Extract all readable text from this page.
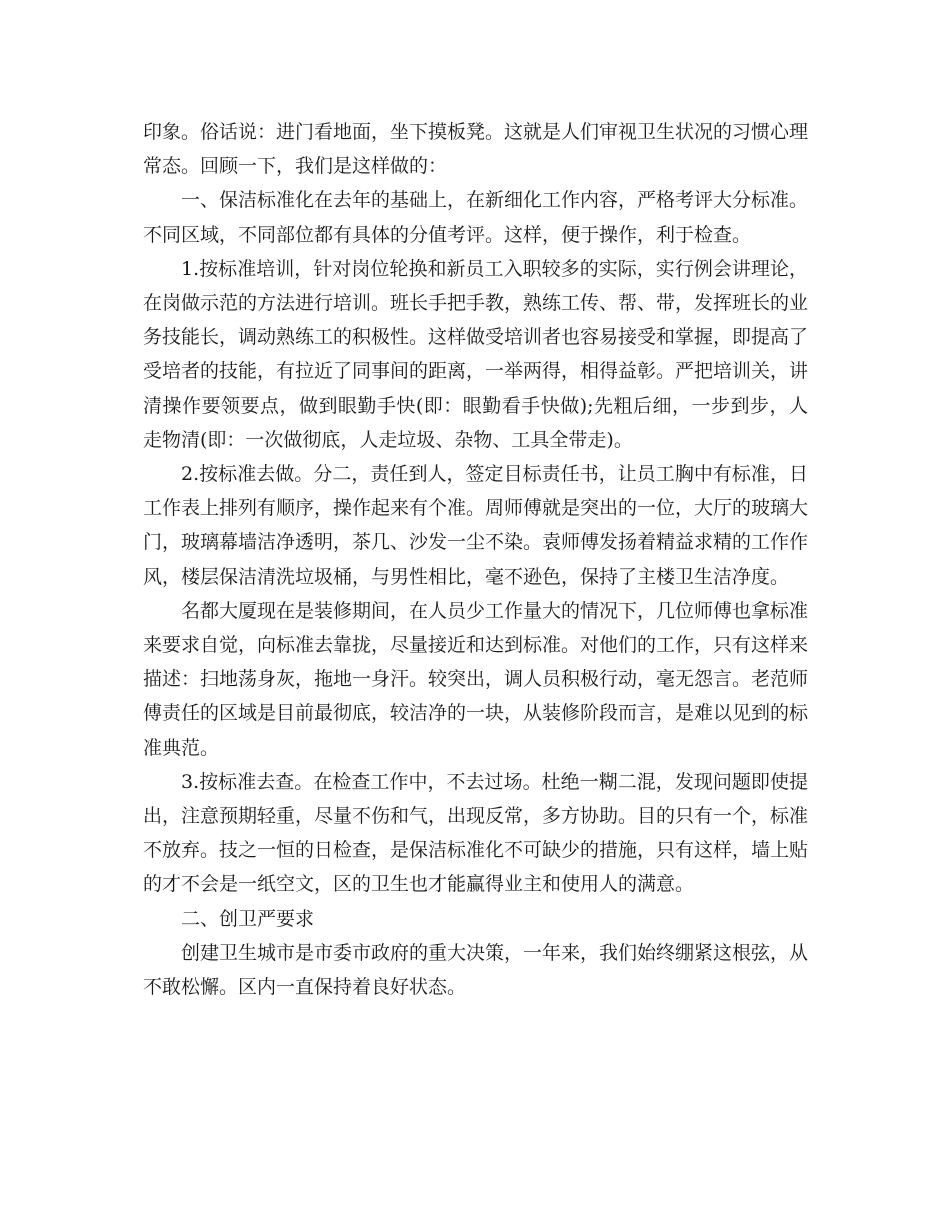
印象。俗话说：进门看地面，坐下摸板凳。这就是人们审视卫生状况的习惯心理常态。回顾一下，我们是这样做的：

一、保洁标准化在去年的基础上，在新细化工作内容，严格考评大分标准。不同区域，不同部位都有具体的分值考评。这样，便于操作，利于检查。

1.按标准培训，针对岗位轮换和新员工入职较多的实际，实行例会讲理论，在岗做示范的方法进行培训。班长手把手教，熟练工传、帮、带，发挥班长的业务技能长，调动熟练工的积极性。这样做受培训者也容易接受和掌握，即提高了受培者的技能，有拉近了同事间的距离，一举两得，相得益彰。严把培训关，讲清操作要领要点，做到眼勤手快(即：眼勤看手快做);先粗后细，一步到步，人走物清(即：一次做彻底，人走垃圾、杂物、工具全带走)。

2.按标准去做。分二，责任到人，签定目标责任书，让员工胸中有标准，日工作表上排列有顺序，操作起来有个准。周师傅就是突出的一位，大厅的玻璃大门，玻璃幕墙洁净透明，茶几、沙发一尘不染。袁师傅发扬着精益求精的工作作风，楼层保洁清洗垃圾桶，与男性相比，毫不逊色，保持了主楼卫生洁净度。

名都大厦现在是装修期间，在人员少工作量大的情况下，几位师傅也拿标准来要求自觉，向标准去靠拢，尽量接近和达到标准。对他们的工作，只有这样来描述：扫地荡身灰，拖地一身汗。较突出，调人员积极行动，毫无怨言。老范师傅责任的区域是目前最彻底，较洁净的一块，从装修阶段而言，是难以见到的标准典范。

3.按标准去查。在检查工作中，不去过场。杜绝一糊二混，发现问题即使提出，注意预期轻重，尽量不伤和气，出现反常，多方协助。目的只有一个，标准不放弃。技之一恒的日检查，是保洁标准化不可缺少的措施，只有这样，墙上贴的才不会是一纸空文，区的卫生也才能赢得业主和使用人的满意。

二、创卫严要求

创建卫生城市是市委市政府的重大决策，一年来，我们始终绷紧这根弦，从不敢松懈。区内一直保持着良好状态。
